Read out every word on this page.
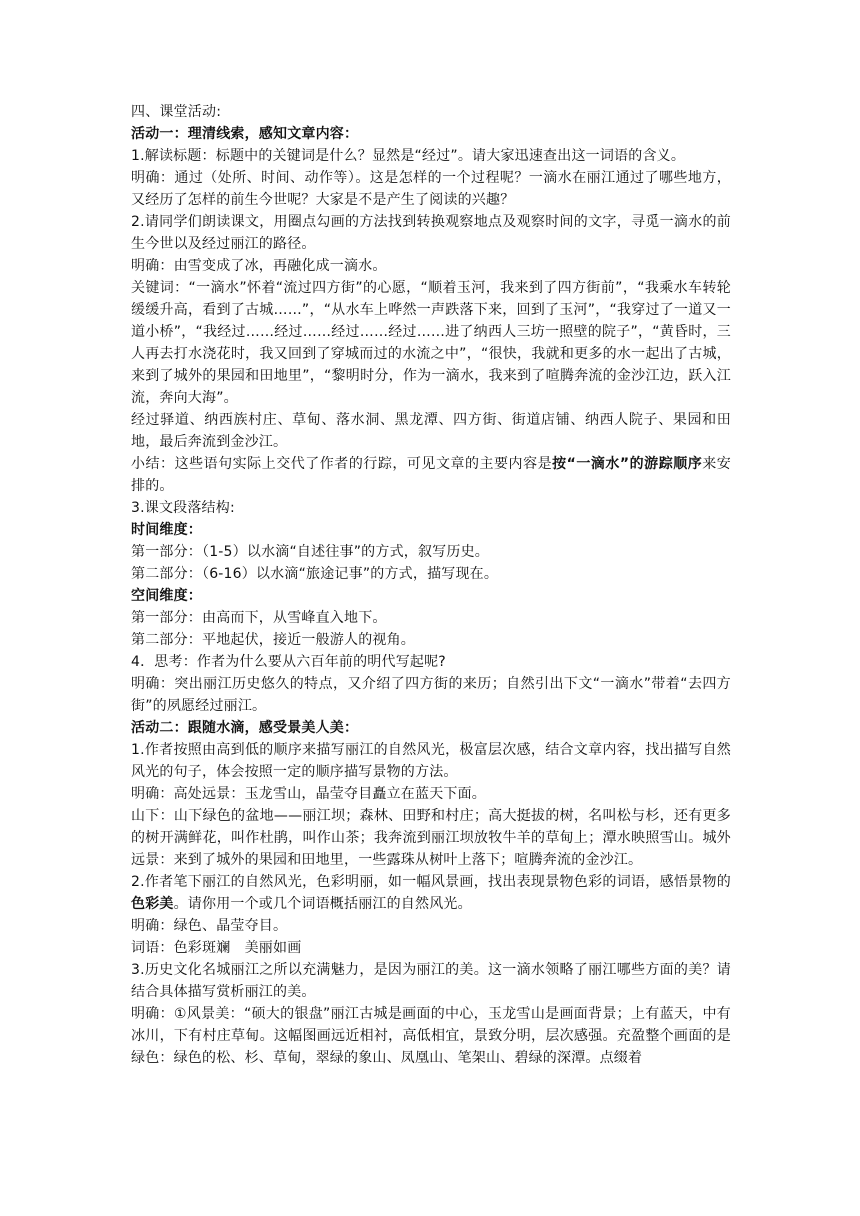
四、课堂活动:

活动一：理清线索，感知文章内容：

1.解读标题：标题中的关键词是什么？显然是“经过”。请大家迅速查出这一词语的含义。

明确：通过（处所、时间、动作等）。这是怎样的一个过程呢？一滴水在丽江通过了哪些地方，又经历了怎样的前生今世呢？大家是不是产生了阅读的兴趣？

2.请同学们朗读课文，用圈点勾画的方法找到转换观察地点及观察时间的文字，寻觅一滴水的前生今世以及经过丽江的路径。

明确：由雪变成了冰，再融化成一滴水。

关键词：“一滴水”怀着“流过四方街”的心愿，“顺着玉河，我来到了四方街前”，“我乘水车转轮缓缓升高，看到了古城……”，“从水车上哗然一声跌落下来，回到了玉河”，“我穿过了一道又一道小桥”，“我经过……经过……经过……经过……进了纳西人三坊一照壁的院子”，“黄昏时，三人再去打水浇花时，我又回到了穿城而过的水流之中”，“很快，我就和更多的水一起出了古城，来到了城外的果园和田地里”，“黎明时分，作为一滴水，我来到了喧腾奔流的金沙江边，跃入江流，奔向大海”。

经过驿道、纳西族村庄、草甸、落水洞、黑龙潭、四方街、街道店铺、纳西人院子、果园和田地，最后奔流到金沙江。

小结：这些语句实际上交代了作者的行踪，可见文章的主要内容是按“一滴水”的游踪顺序来安排的。

3.课文段落结构:

时间维度：

第一部分：（1-5）以水滴“自述往事”的方式，叙写历史。

第二部分：（6-16）以水滴“旅途记事”的方式，描写现在。

空间维度：

第一部分：由高而下，从雪峰直入地下。

第二部分：平地起伏，接近一般游人的视角。

4．思考：作者为什么要从六百年前的明代写起呢?

明确：突出丽江历史悠久的特点，又介绍了四方街的来历；自然引出下文“一滴水”带着“去四方街”的夙愿经过丽江。

活动二：跟随水滴，感受景美人美：

1.作者按照由高到低的顺序来描写丽江的自然风光，极富层次感，结合文章内容，找出描写自然风光的句子，体会按照一定的顺序描写景物的方法。

明确：高处远景：玉龙雪山，晶莹夺目矗立在蓝天下面。

山下：山下绿色的盆地——丽江坝；森林、田野和村庄；高大挺拔的树，名叫松与杉，还有更多的树开满鲜花，叫作杜鹃，叫作山茶；我奔流到丽江坝放牧牛羊的草甸上；潭水映照雪山。城外远景：来到了城外的果园和田地里，一些露珠从树叶上落下；喧腾奔流的金沙江。

2.作者笔下丽江的自然风光，色彩明丽，如一幅风景画，找出表现景物色彩的词语，感悟景物的色彩美。请你用一个或几个词语概括丽江的自然风光。

明确：绿色、晶莹夺目。

词语：色彩斑斓　美丽如画

3.历史文化名城丽江之所以充满魅力，是因为丽江的美。这一滴水领略了丽江哪些方面的美？请结合具体描写赏析丽江的美。

明确：①风景美：“硕大的银盘”丽江古城是画面的中心，玉龙雪山是画面背景；上有蓝天，中有冰川，下有村庄草甸。这幅图画远近相衬，高低相宜，景致分明，层次感强。充盈整个画面的是绿色：绿色的松、杉、草甸，翠绿的象山、凤凰山、笔架山、碧绿的深潭。点缀着
